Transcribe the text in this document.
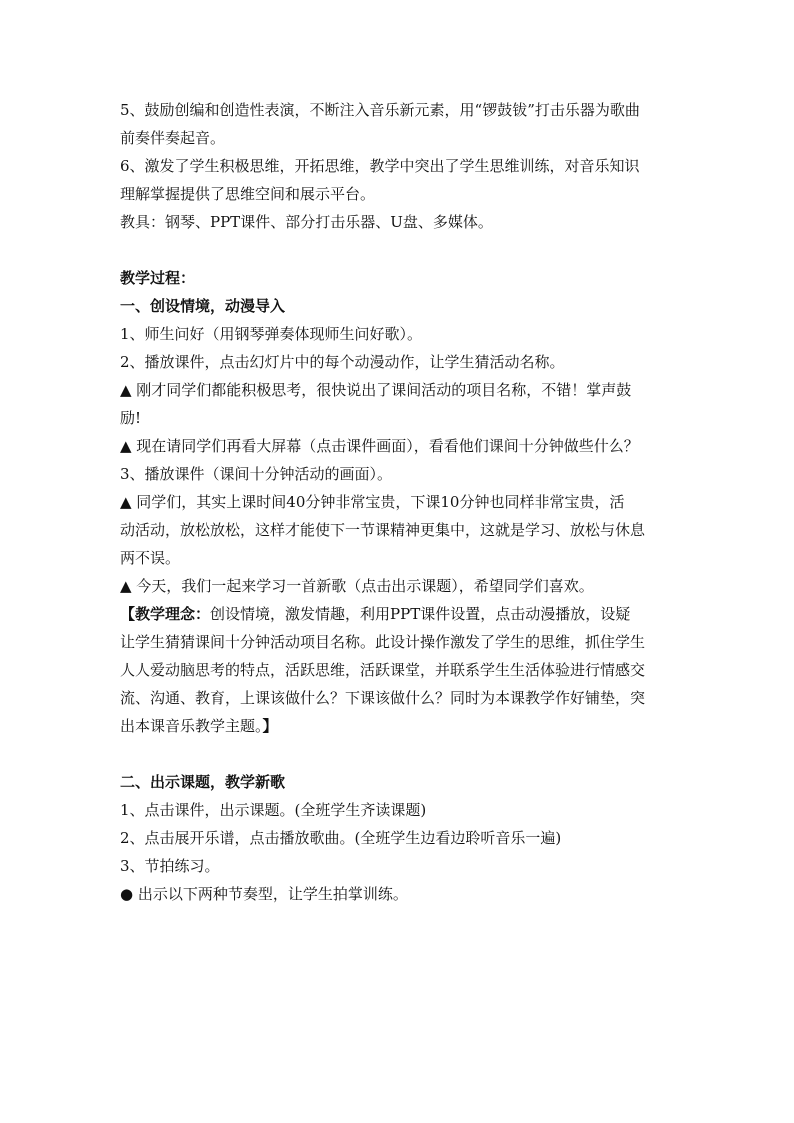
5、鼓励创编和创造性表演，不断注入音乐新元素，用“锣鼓钹”打击乐器为歌曲
前奏伴奏起音。
6、激发了学生积极思维，开拓思维，教学中突出了学生思维训练，对音乐知识
理解掌握提供了思维空间和展示平台。
教具：钢琴、PPT课件、部分打击乐器、U盘、多媒体。
教学过程：
一、创设情境，动漫导入
1、师生问好（用钢琴弹奏体现师生问好歌）。
2、播放课件，点击幻灯片中的每个动漫动作，让学生猜活动名称。
▲ 刚才同学们都能积极思考，很快说出了课间活动的项目名称，不错！掌声鼓
励!
▲ 现在请同学们再看大屏幕（点击课件画面），看看他们课间十分钟做些什么？
3、播放课件（课间十分钟活动的画面）。
▲ 同学们，其实上课时间40分钟非常宝贵，下课10分钟也同样非常宝贵，活
动活动，放松放松，这样才能使下一节课精神更集中，这就是学习、放松与休息
两不误。
▲ 今天，我们一起来学习一首新歌（点击出示课题），希望同学们喜欢。
【教学理念：创设情境，激发情趣，利用PPT课件设置，点击动漫播放，设疑
让学生猜猜课间十分钟活动项目名称。此设计操作激发了学生的思维，抓住学生
人人爱动脑思考的特点，活跃思维，活跃课堂，并联系学生生活体验进行情感交
流、沟通、教育，上课该做什么？下课该做什么？同时为本课教学作好铺垫，突
出本课音乐教学主题。】
二、出示课题，教学新歌
1、点击课件，出示课题。(全班学生齐读课题)
2、点击展开乐谱，点击播放歌曲。(全班学生边看边聆听音乐一遍)
3、节拍练习。
● 出示以下两种节奏型，让学生拍掌训练。
